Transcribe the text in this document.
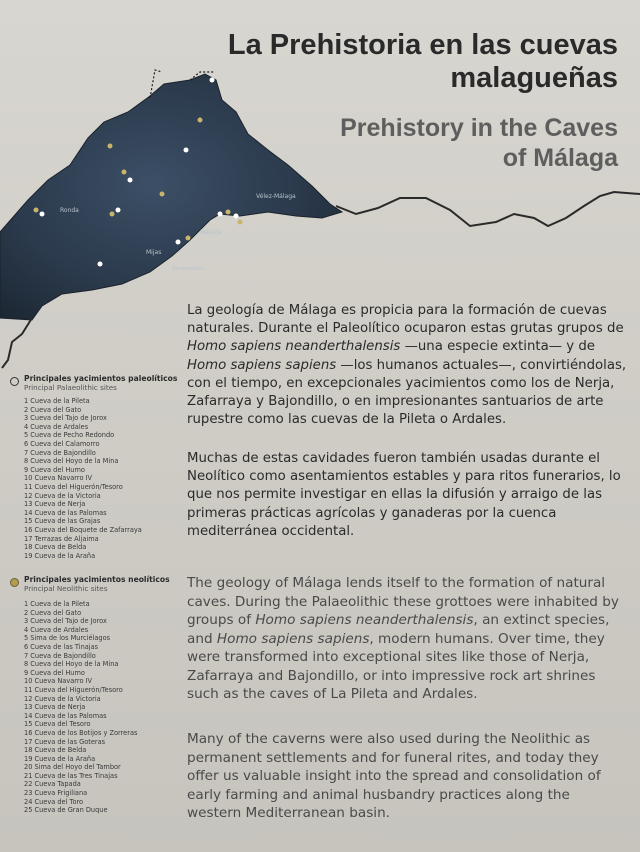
La Prehistoria en las cuevas
malagueñas
Prehistory in the Caves
of Málaga
Ronda
Vélez-Málaga
Málaga
Mijas
Torremolinos
Principales yacimientos paleolíticos
Principal Palaeolithic sites
1 Cueva de la Pileta
2 Cueva del Gato
3 Cueva del Tajo de Jorox
4 Cueva de Ardales
5 Cueva de Pecho Redondo
6 Cueva del Calamorro
7 Cueva de Bajondillo
8 Cueva del Hoyo de la Mina
9 Cueva del Humo
10 Cueva Navarro IV
11 Cueva del Higuerón/Tesoro
12 Cueva de la Victoria
13 Cueva de Nerja
14 Cueva de las Palomas
15 Cueva de las Grajas
16 Cueva del Boquete de Zafarraya
17 Terrazas de Aljaima
18 Cueva de Belda
19 Cueva de la Araña
Principales yacimientos neolíticos
Principal Neolithic sites
1 Cueva de la Pileta
2 Cueva del Gato
3 Cueva del Tajo de Jorox
4 Cueva de Ardales
5 Sima de los Murciélagos
6 Cueva de las Tinajas
7 Cueva de Bajondillo
8 Cueva del Hoyo de la Mina
9 Cueva del Humo
10 Cueva Navarro IV
11 Cueva del Higuerón/Tesoro
12 Cueva de la Victoria
13 Cueva de Nerja
14 Cueva de las Palomas
15 Cueva del Tesoro
16 Cueva de los Botijos y Zorreras
17 Cueva de las Goteras
18 Cueva de Belda
19 Cueva de la Araña
20 Sima del Hoyo del Tambor
21 Cueva de las Tres Tinajas
22 Cueva Tapada
23 Cueva Frigiliana
24 Cueva del Toro
25 Cueva de Gran Duque

La geología de Málaga es propicia para la formación de cuevas naturales. Durante el Paleolítico ocuparon estas grutas grupos de Homo sapiens neanderthalensis —una especie extinta— y de Homo sapiens sapiens —los humanos actuales—, convirtiéndolas, con el tiempo, en excepcionales yacimientos como los de Nerja, Zafarraya y Bajondillo, o en impresionantes santuarios de arte rupestre como las cuevas de la Pileta o Ardales.

Muchas de estas cavidades fueron también usadas durante el Neolítico como asentamientos estables y para ritos funerarios, lo que nos permite investigar en ellas la difusión y arraigo de las primeras prácticas agrícolas y ganaderas por la cuenca mediterránea occidental.

The geology of Málaga lends itself to the formation of natural caves. During the Palaeolithic these grottoes were inhabited by groups of Homo sapiens neanderthalensis, an extinct species, and Homo sapiens sapiens, modern humans. Over time, they were transformed into exceptional sites like those of Nerja, Zafarraya and Bajondillo, or into impressive rock art shrines such as the caves of La Pileta and Ardales.

Many of the caverns were also used during the Neolithic as permanent settlements and for funeral rites, and today they offer us valuable insight into the spread and consolidation of early farming and animal husbandry practices along the western Mediterranean basin.
